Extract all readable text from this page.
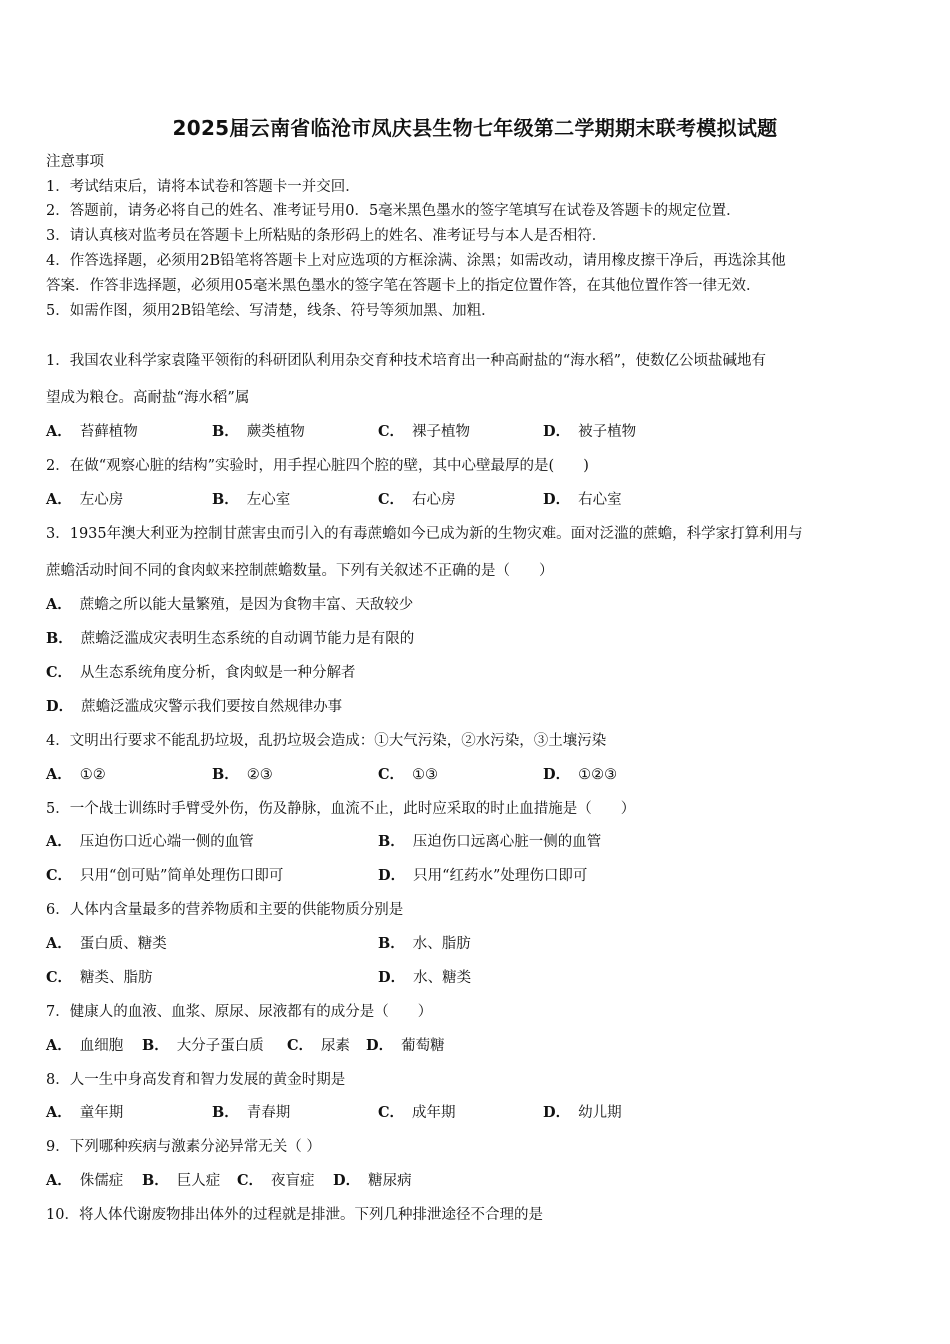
2025届云南省临沧市凤庆县生物七年级第二学期期末联考模拟试题
注意事项
1．考试结束后，请将本试卷和答题卡一并交回．
2．答题前，请务必将自己的姓名、准考证号用0．5毫米黑色墨水的签字笔填写在试卷及答题卡的规定位置．
3．请认真核对监考员在答题卡上所粘贴的条形码上的姓名、准考证号与本人是否相符．
4．作答选择题，必须用2B铅笔将答题卡上对应选项的方框涂满、涂黑；如需改动，请用橡皮擦干净后，再选涂其他
答案．作答非选择题，必须用05毫米黑色墨水的签字笔在答题卡上的指定位置作答，在其他位置作答一律无效．
5．如需作图，须用2B铅笔绘、写清楚，线条、符号等须加黑、加粗．
1．我国农业科学家袁隆平领衔的科研团队利用杂交育种技术培育出一种高耐盐的“海水稻”，使数亿公顷盐碱地有
望成为粮仓。高耐盐“海水稻”属
A． 苔藓植物	B． 蕨类植物	C． 裸子植物	D． 被子植物
2．在做“观察心脏的结构”实验时，用手捏心脏四个腔的壁，其中心壁最厚的是(　　)
A． 左心房	B． 左心室	C． 右心房	D． 右心室
3．1935年澳大利亚为控制甘蔗害虫而引入的有毒蔗蟾如今已成为新的生物灾难。面对泛滥的蔗蟾，科学家打算利用与
蔗蟾活动时间不同的食肉蚁来控制蔗蟾数量。下列有关叙述不正确的是（　　）
A． 蔗蟾之所以能大量繁殖，是因为食物丰富、天敌较少
B． 蔗蟾泛滥成灾表明生态系统的自动调节能力是有限的
C． 从生态系统角度分析，食肉蚁是一种分解者
D． 蔗蟾泛滥成灾警示我们要按自然规律办事
4．文明出行要求不能乱扔垃圾，乱扔垃圾会造成：①大气污染，②水污染，③土壤污染
A． ①②	B． ②③	C． ①③	D． ①②③
5．一个战士训练时手臂受外伤，伤及静脉，血流不止，此时应采取的时止血措施是（　　）
A． 压迫伤口近心端一侧的血管	B． 压迫伤口远离心脏一侧的血管
C． 只用“创可贴”简单处理伤口即可	D． 只用“红药水”处理伤口即可
6．人体内含量最多的营养物质和主要的供能物质分别是
A． 蛋白质、糖类	B． 水、脂肪
C． 糖类、脂肪	D． 水、糖类
7．健康人的血液、血浆、原尿、尿液都有的成分是（　　）
A． 血细胞 B． 大分子蛋白质 C． 尿素 D． 葡萄糖
8．人一生中身高发育和智力发展的黄金时期是
A． 童年期	B． 青春期	C． 成年期	D． 幼儿期
9．下列哪种疾病与激素分泌异常无关（ ）
A． 侏儒症 B． 巨人症 C． 夜盲症 D． 糖尿病
10．将人体代谢废物排出体外的过程就是排泄。下列几种排泄途径不合理的是
